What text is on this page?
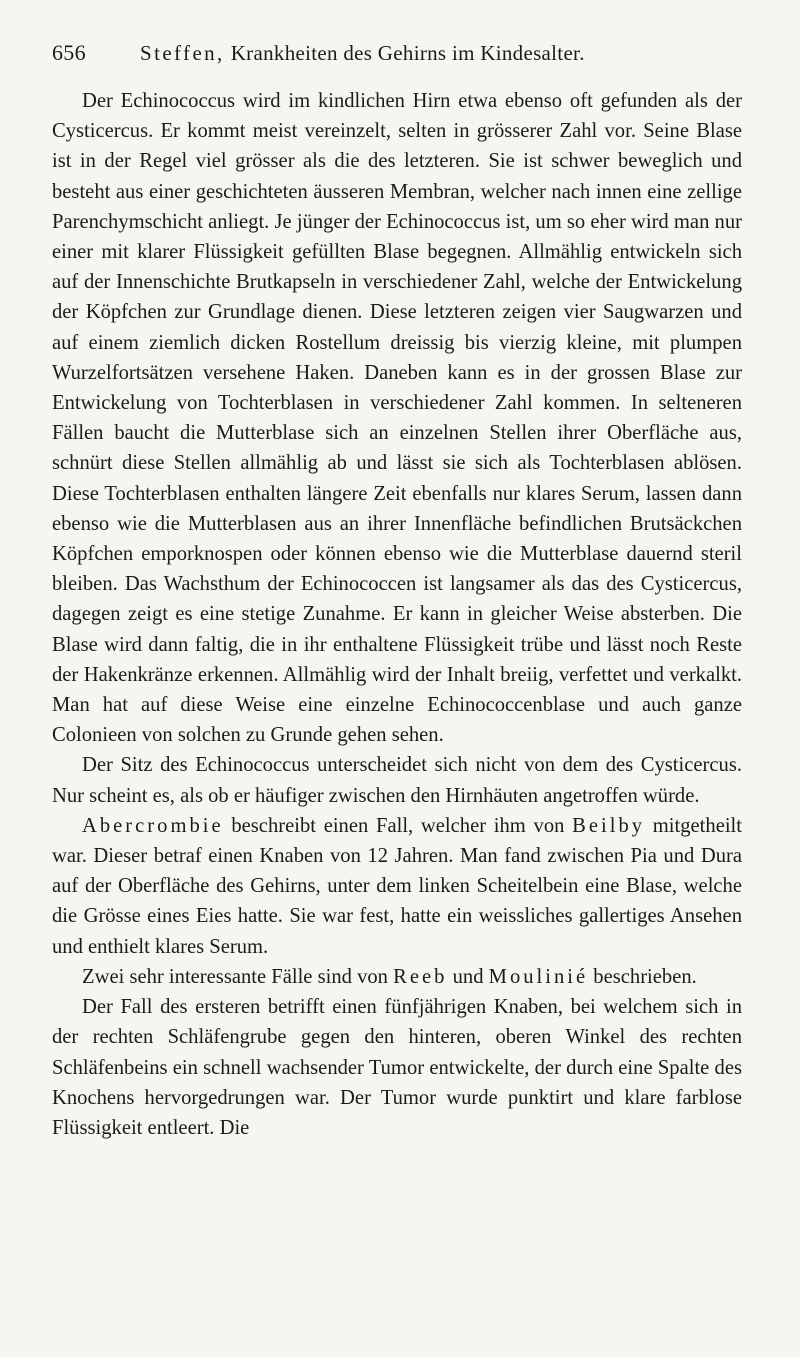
656	Steffen, Krankheiten des Gehirns im Kindesalter.

Der Echinococcus wird im kindlichen Hirn etwa ebenso oft gefunden als der Cysticercus. Er kommt meist vereinzelt, selten in grösserer Zahl vor. Seine Blase ist in der Regel viel grösser als die des letzteren. Sie ist schwer beweglich und besteht aus einer geschichteten äusseren Membran, welcher nach innen eine zellige Parenchymschicht anliegt. Je jünger der Echinococcus ist, um so eher wird man nur einer mit klarer Flüssigkeit gefüllten Blase begegnen. Allmählig entwickeln sich auf der Innenschichte Brutkapseln in verschiedener Zahl, welche der Entwickelung der Köpfchen zur Grundlage dienen. Diese letzteren zeigen vier Saugwarzen und auf einem ziemlich dicken Rostellum dreissig bis vierzig kleine, mit plumpen Wurzelfortsätzen versehene Haken. Daneben kann es in der grossen Blase zur Entwickelung von Tochterblasen in verschiedener Zahl kommen. In selteneren Fällen baucht die Mutterblase sich an einzelnen Stellen ihrer Oberfläche aus, schnürt diese Stellen allmählig ab und lässt sie sich als Tochterblasen ablösen. Diese Tochterblasen enthalten längere Zeit ebenfalls nur klares Serum, lassen dann ebenso wie die Mutterblasen aus an ihrer Innenfläche befindlichen Brutsäckchen Köpfchen emporknospen oder können ebenso wie die Mutterblase dauernd steril bleiben. Das Wachsthum der Echinococcen ist langsamer als das des Cysticercus, dagegen zeigt es eine stetige Zunahme. Er kann in gleicher Weise absterben. Die Blase wird dann faltig, die in ihr enthaltene Flüssigkeit trübe und lässt noch Reste der Hakenkränze erkennen. Allmählig wird der Inhalt breiig, verfettet und verkalkt. Man hat auf diese Weise eine einzelne Echinococcenblase und auch ganze Colonieen von solchen zu Grunde gehen sehen.

Der Sitz des Echinococcus unterscheidet sich nicht von dem des Cysticercus. Nur scheint es, als ob er häufiger zwischen den Hirnhäuten angetroffen würde.

Abercrombie beschreibt einen Fall, welcher ihm von Beilby mitgetheilt war. Dieser betraf einen Knaben von 12 Jahren. Man fand zwischen Pia und Dura auf der Oberfläche des Gehirns, unter dem linken Scheitelbein eine Blase, welche die Grösse eines Eies hatte. Sie war fest, hatte ein weissliches gallertiges Ansehen und enthielt klares Serum.

Zwei sehr interessante Fälle sind von Reeb und Moulinié beschrieben.

Der Fall des ersteren betrifft einen fünfjährigen Knaben, bei welchem sich in der rechten Schläfengrube gegen den hinteren, oberen Winkel des rechten Schläfenbeins ein schnell wachsender Tumor entwickelte, der durch eine Spalte des Knochens hervorgedrungen war. Der Tumor wurde punktirt und klare farblose Flüssigkeit entleert. Die
